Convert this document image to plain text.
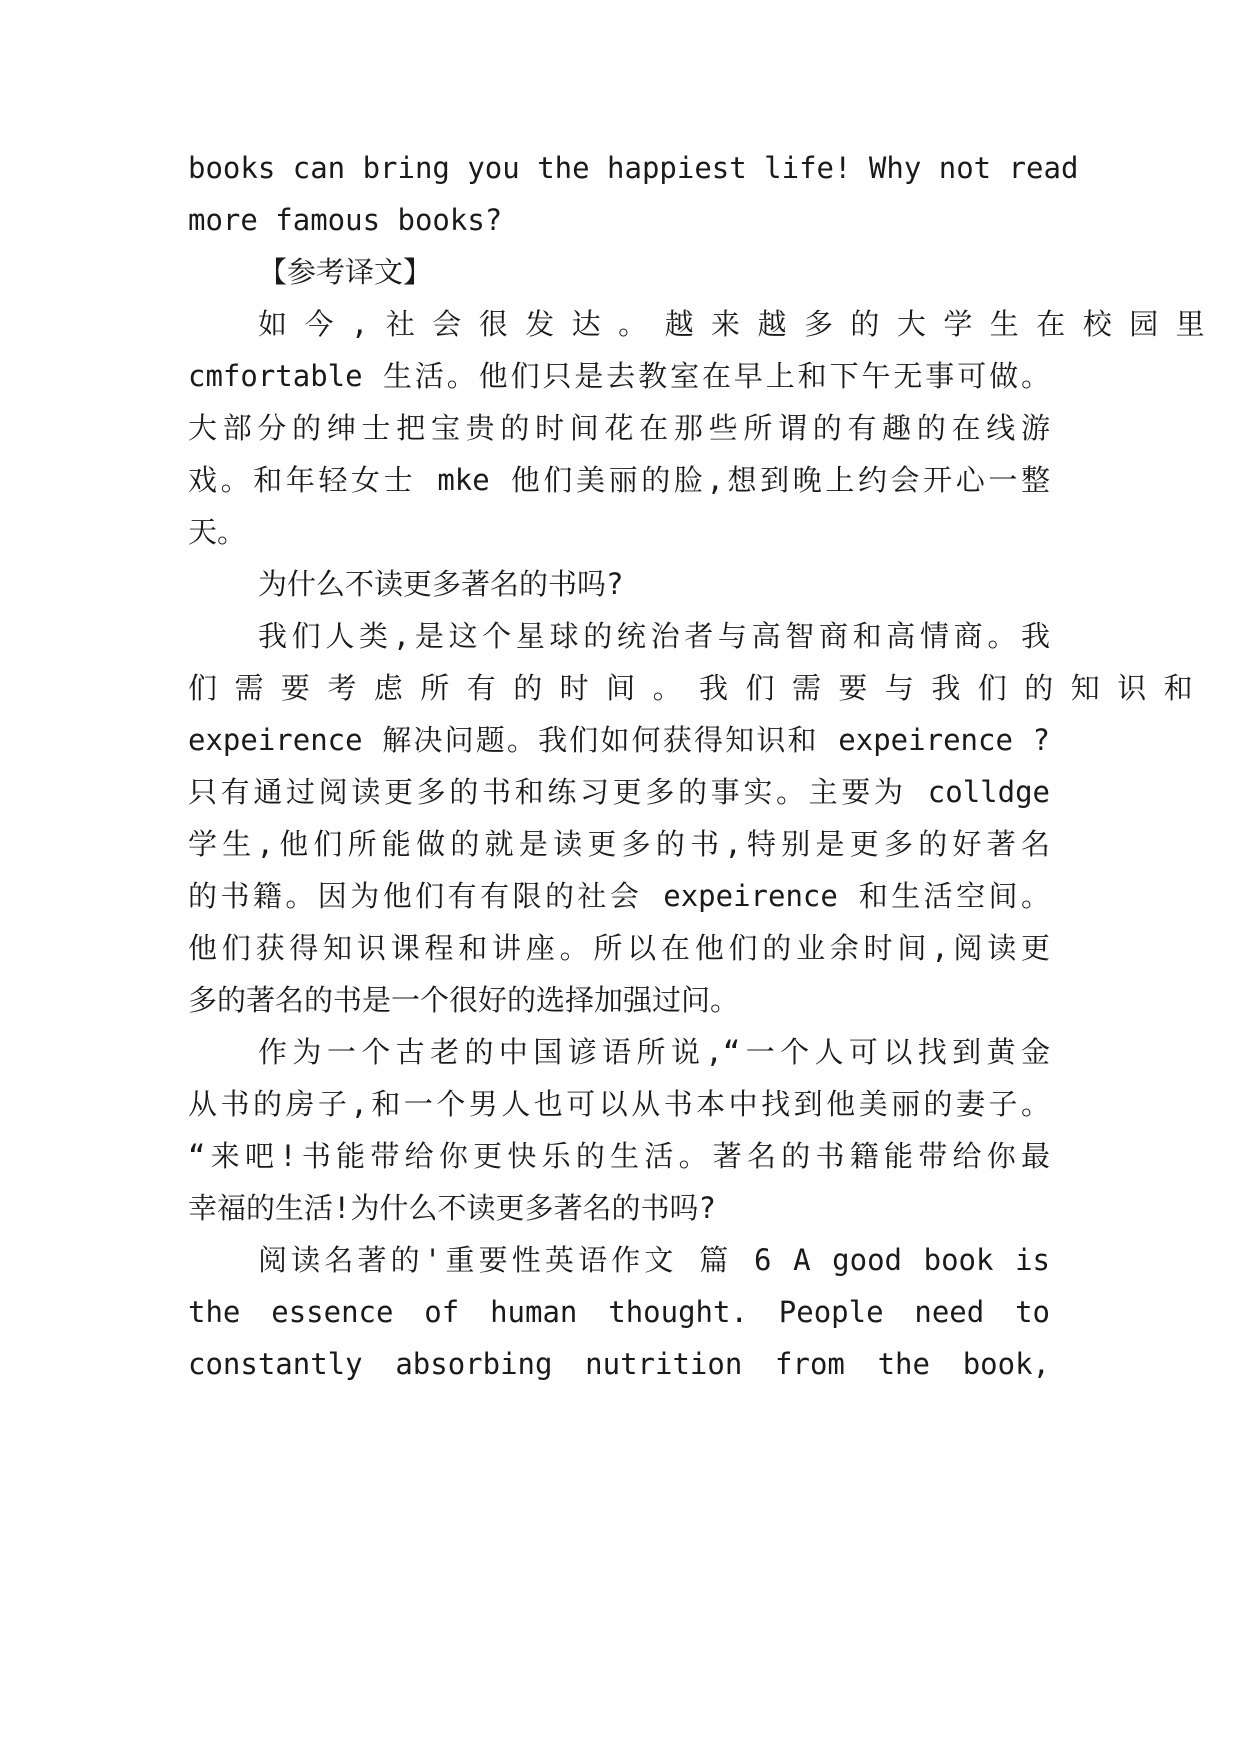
books can bring you the happiest life! Why not read
more famous books?
【参考译文】
如 今 , 社 会 很 发 达 。 越 来 越 多 的 大 学 生 在 校 园 里
cmfortable 生活。他们只是去教室在早上和下午无事可做。
大部分的绅士把宝贵的时间花在那些所谓的有趣的在线游
戏。和年轻女士 mke 他们美丽的脸,想到晚上约会开心一整
天。
为什么不读更多著名的书吗?
我们人类,是这个星球的统治者与高智商和高情商。我
们 需 要 考 虑 所 有 的 时 间 。 我 们 需 要 与 我 们 的 知 识 和
expeirence 解决问题。我们如何获得知识和 expeirence ?
只有通过阅读更多的书和练习更多的事实。主要为 colldge
学生,他们所能做的就是读更多的书,特别是更多的好著名
的书籍。因为他们有有限的社会 expeirence 和生活空间。
他们获得知识课程和讲座。所以在他们的业余时间,阅读更
多的著名的书是一个很好的选择加强过问。
作为一个古老的中国谚语所说,“一个人可以找到黄金
从书的房子,和一个男人也可以从书本中找到他美丽的妻子。
“来吧!书能带给你更快乐的生活。著名的书籍能带给你最
幸福的生活!为什么不读更多著名的书吗?
阅读名著的'重要性英语作文 篇 6 A good book is
the essence of human thought. People need to
constantly absorbing nutrition from the book,
